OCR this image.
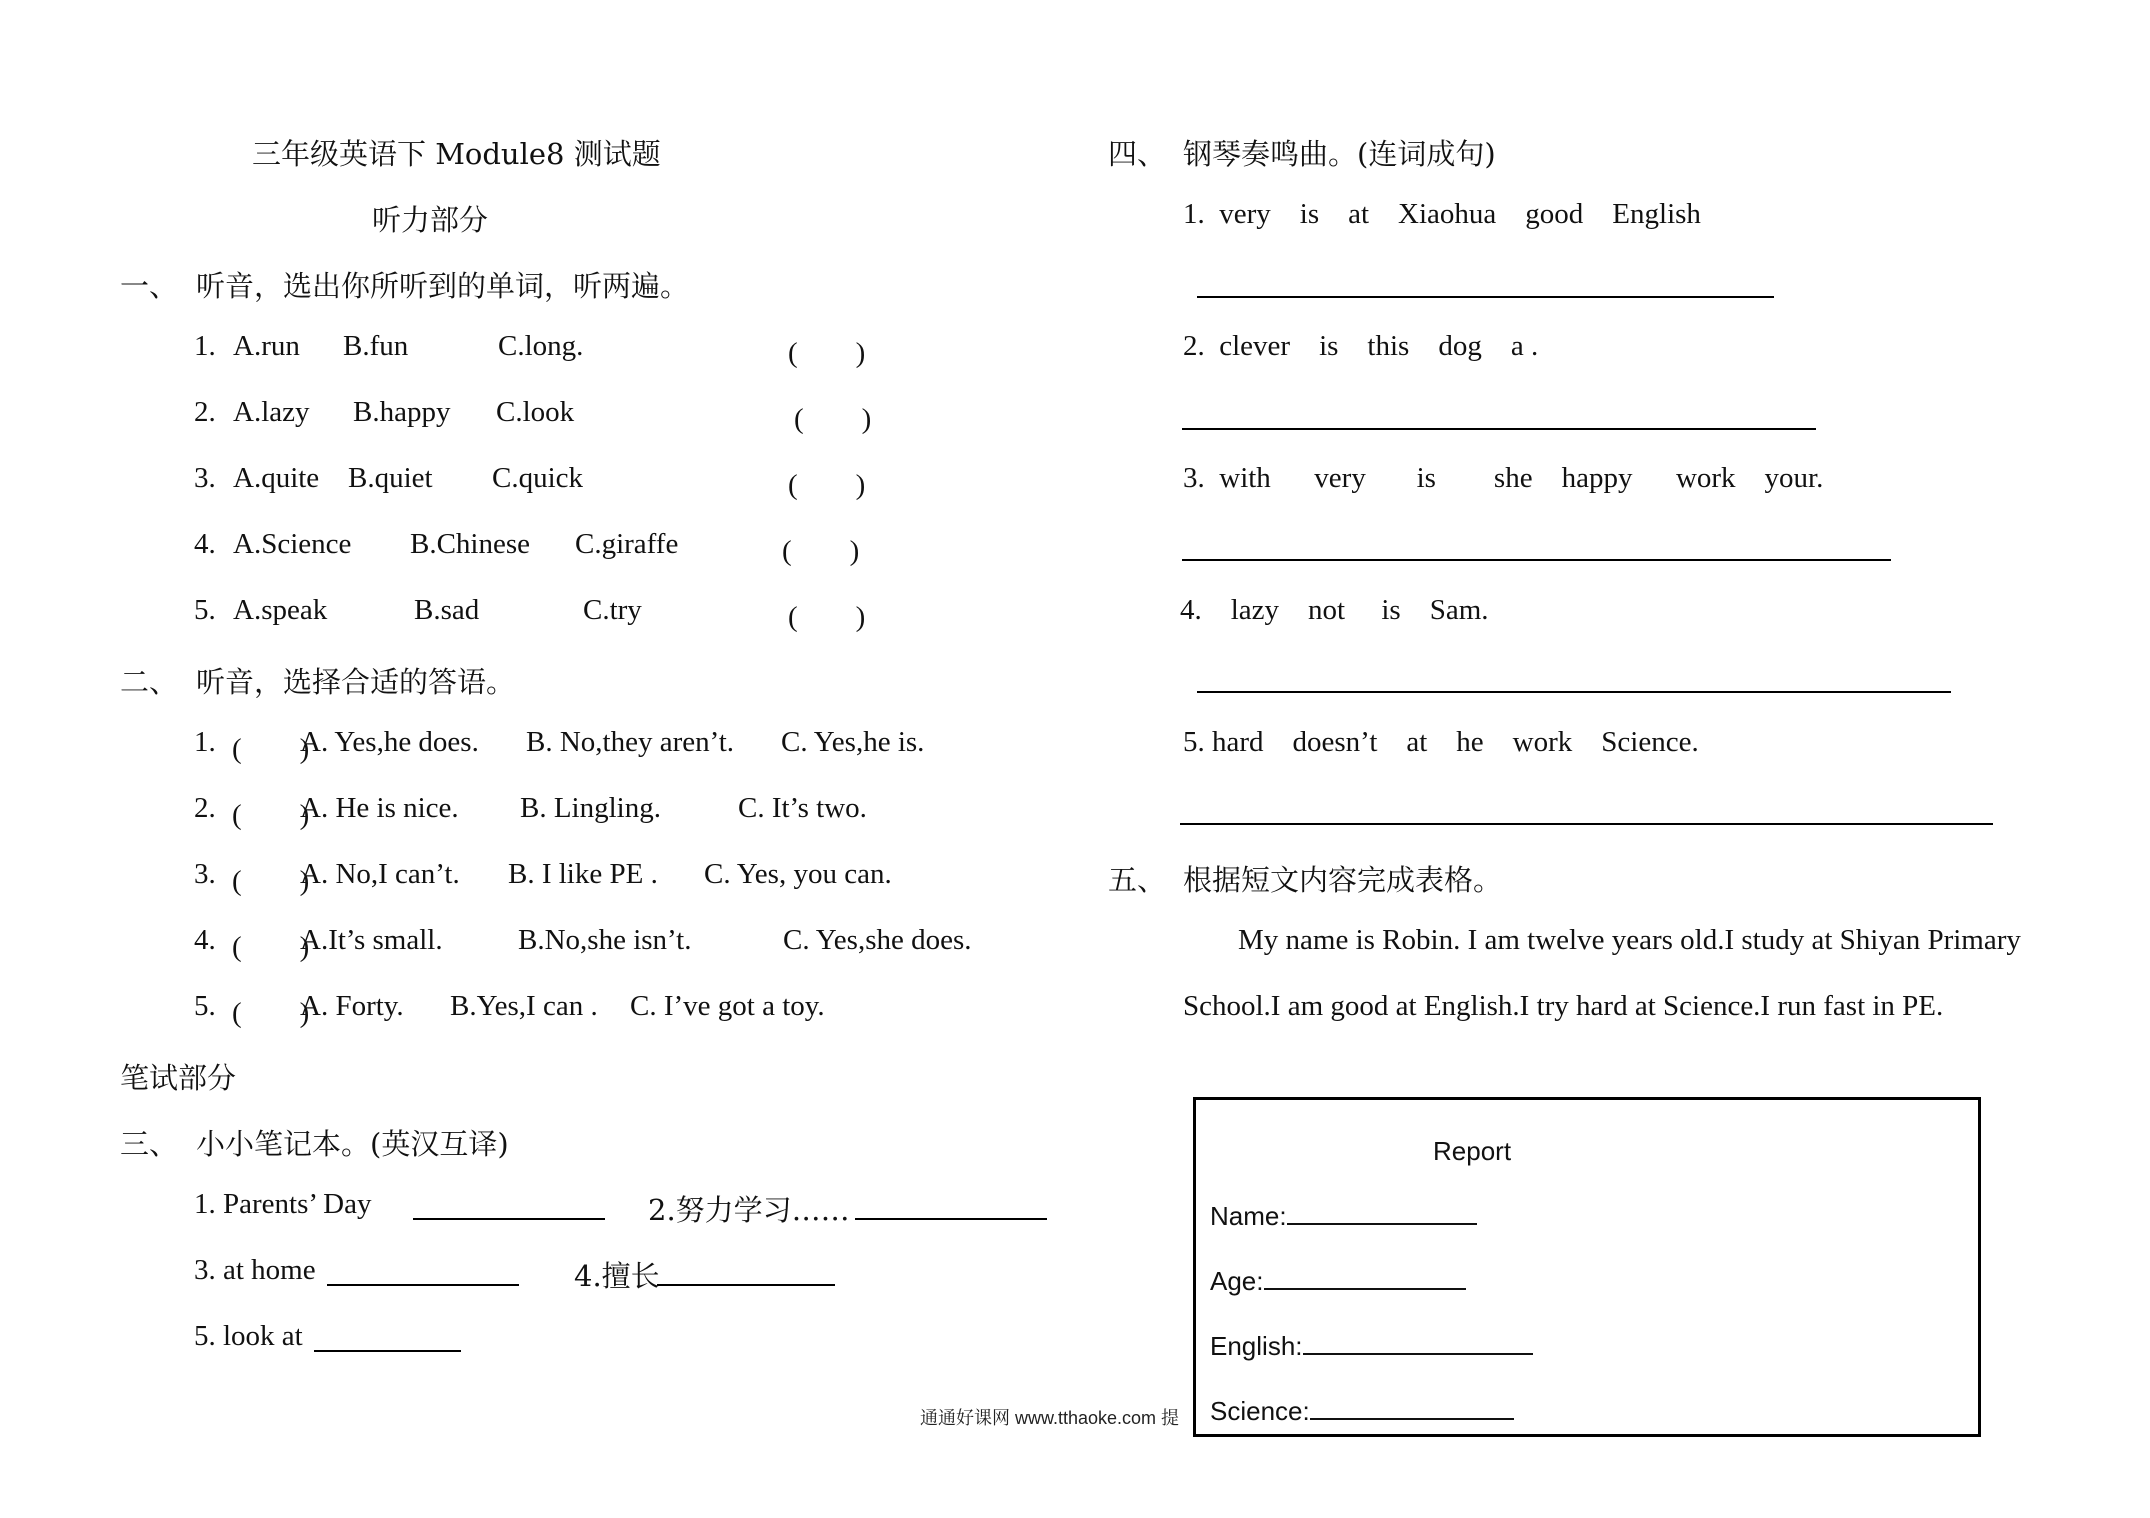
三年级英语下 Module8 测试题
听力部分
一、 听音，选出你所听到的单词，听两遍。
1. A.run B.fun	C.long.	(　　)
2. A.lazy B.happy C.look	(　　)
3. A.quite B.quiet C.quick	(　　)
4. A.Science B.Chinese C.giraffe	(　　)
5. A.speak	B.sad	C.try	(　　)
二、 听音，选择合适的答语。
1. (　　)
A. Yes,he does. B. No,they aren’t. C. Yes,he is.
2. (　　)
A. He is nice. B. Lingling.	C. It’s two.
3. (　　)
A. No,I can’t. B. I like PE . C. Yes, you can.
4. (　　)
A.It’s small.	B.No,she isn’t.	C. Yes,she does.
5. (　　)
A. Forty. B.Yes,I can . C. I’ve got a toy.
笔试部分
三、 小小笔记本。(英汉互译)
1. Parents’ Day	2.努力学习……
3. at home	4.擅长
5. look at
四、 钢琴奏鸣曲。(连词成句)
1.  very    is    at    Xiaohua    good    English
2.  clever    is    this    dog    a .
3.  with      very       is        she    happy      work    your.
4.    lazy    not     is    Sam.
5. hard    doesn’t    at    he    work    Science.
五、 根据短文内容完成表格。
My name is Robin. I am twelve years old.I study at Shiyan Primary
School.I am good at English.I try hard at Science.I run fast in PE.
Report
Name:
Age:
English:
Science:
通通好课网 www.tthaoke.com 提
